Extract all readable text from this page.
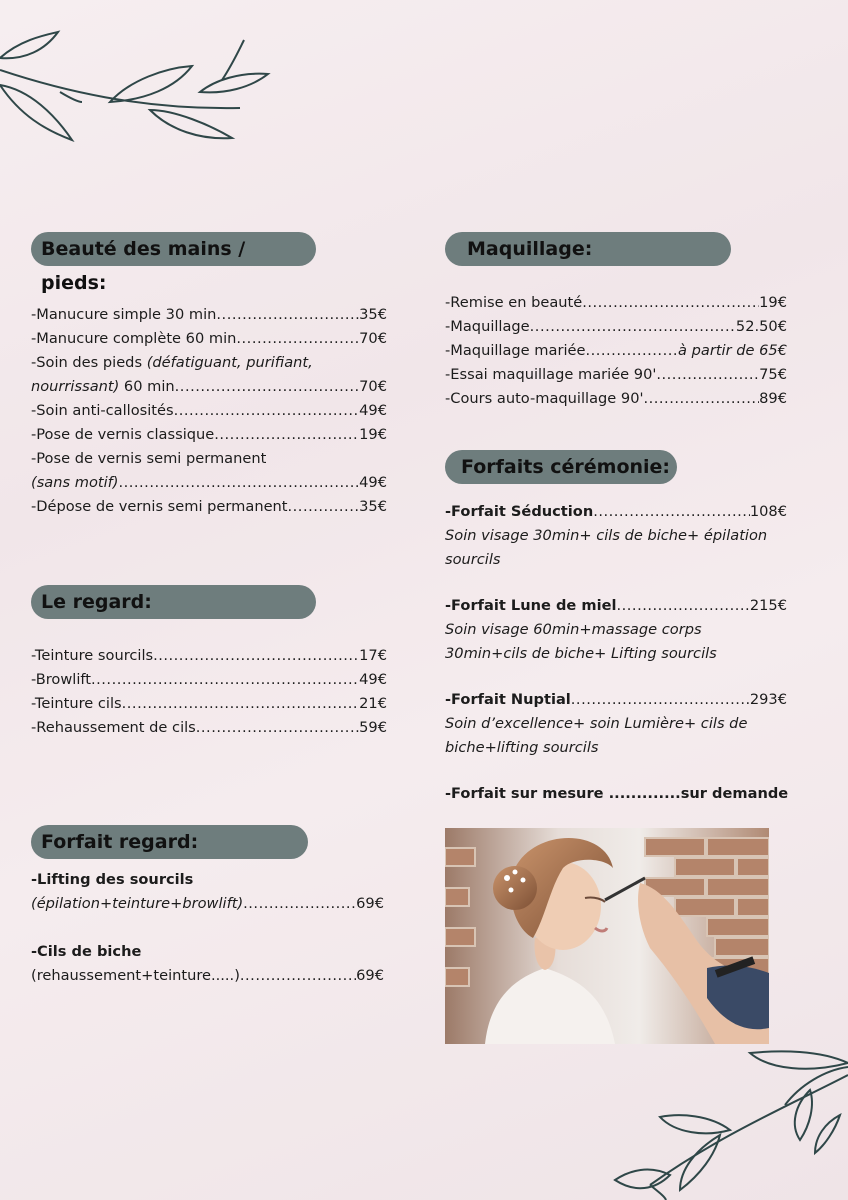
Beauté des mains / pieds:
-Manucure simple 30 min .....	35€
-Manucure complète 60 min .....	70€
-Soin des pieds (défatiguant, purifiant,
nourrissant) 60 min .....	70€
-Soin anti-callosités .....	49€
-Pose de vernis classique .....	19€
-Pose de vernis semi permanent
(sans motif) .....	49€
-Dépose de vernis semi permanent .....	35€
Le regard:
-Teinture sourcils .....	17€
-Browlift .....	49€
-Teinture cils .....	21€
-Rehaussement de cils .....	59€
Forfait regard:
-Lifting des sourcils
(épilation+teinture+browlift) .....	69€
-Cils de biche
(rehaussement+teinture.....) .....	69€
Maquillage:
-Remise en beauté .....	19€
-Maquillage .....	52.50€
-Maquillage mariée .....	à partir de 65€
-Essai maquillage mariée 90' .....	75€
-Cours auto-maquillage 90' .....	89€
Forfaits cérémonie:
-Forfait Séduction .....	108€
Soin visage 30min+ cils de biche+ épilation
sourcils
-Forfait Lune de miel .....	215€
Soin visage 60min+massage corps
30min+cils de biche+ Lifting sourcils
-Forfait Nuptial .....	293€
Soin d’excellence+ soin Lumière+ cils de
biche+lifting sourcils
-Forfait sur mesure .............sur demande
